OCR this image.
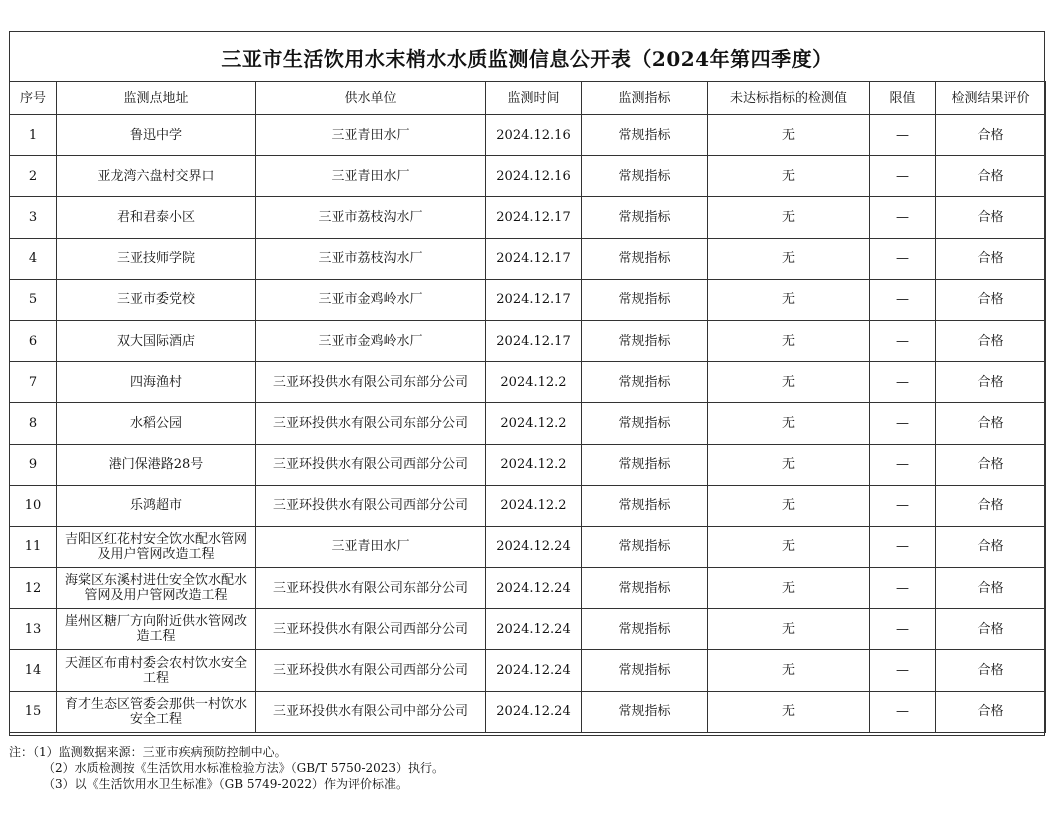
三亚市生活饮用水末梢水水质监测信息公开表（2024年第四季度）
序号	监测点地址	供水单位	监测时间	监测指标	未达标指标的检测值	限值	检测结果评价
1	鲁迅中学	三亚青田水厂	2024.12.16	常规指标	无	—	合格
2	亚龙湾六盘村交界口	三亚青田水厂	2024.12.16	常规指标	无	—	合格
3	君和君泰小区	三亚市荔枝沟水厂	2024.12.17	常规指标	无	—	合格
4	三亚技师学院	三亚市荔枝沟水厂	2024.12.17	常规指标	无	—	合格
5	三亚市委党校	三亚市金鸡岭水厂	2024.12.17	常规指标	无	—	合格
6	双大国际酒店	三亚市金鸡岭水厂	2024.12.17	常规指标	无	—	合格
7	四海渔村	三亚环投供水有限公司东部分公司	2024.12.2	常规指标	无	—	合格
8	水稻公园	三亚环投供水有限公司东部分公司	2024.12.2	常规指标	无	—	合格
9	港门保港路28号	三亚环投供水有限公司西部分公司	2024.12.2	常规指标	无	—	合格
10	乐鸿超市	三亚环投供水有限公司西部分公司	2024.12.2	常规指标	无	—	合格
11	吉阳区红花村安全饮水配水管网及用户管网改造工程	三亚青田水厂	2024.12.24	常规指标	无	—	合格
12	海棠区东溪村进仕安全饮水配水管网及用户管网改造工程	三亚环投供水有限公司东部分公司	2024.12.24	常规指标	无	—	合格
13	崖州区糖厂方向附近供水管网改造工程	三亚环投供水有限公司西部分公司	2024.12.24	常规指标	无	—	合格
14	天涯区布甫村委会农村饮水安全工程	三亚环投供水有限公司西部分公司	2024.12.24	常规指标	无	—	合格
15	育才生态区管委会那供一村饮水安全工程	三亚环投供水有限公司中部分公司	2024.12.24	常规指标	无	—	合格
注：（1）监测数据来源：三亚市疾病预防控制中心。
（2）水质检测按《生活饮用水标准检验方法》（GB/T 5750-2023）执行。
（3）以《生活饮用水卫生标准》（GB 5749-2022）作为评价标准。
